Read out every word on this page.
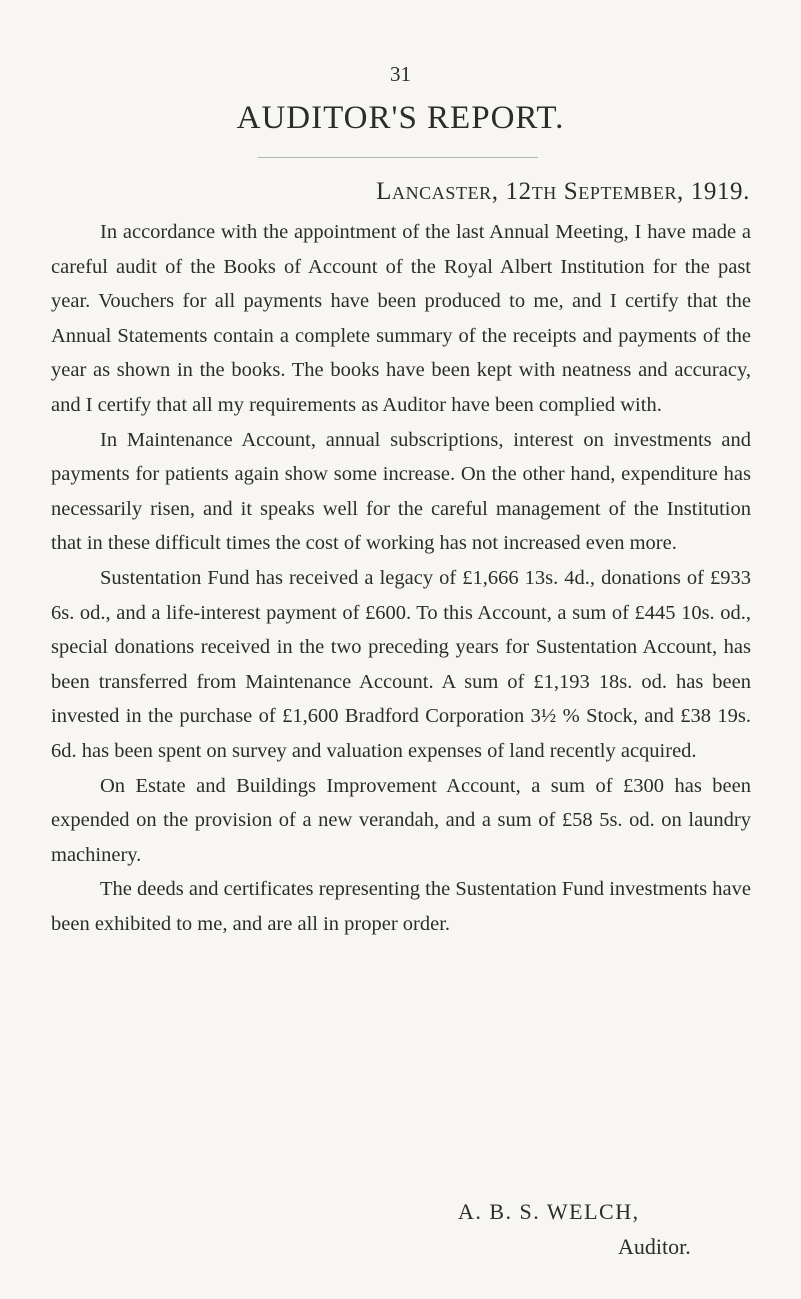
31
AUDITOR'S REPORT.
Lancaster, 12th September, 1919.

In accordance with the appointment of the last Annual Meeting, I have made a careful audit of the Books of Account of the Royal Albert Institution for the past year. Vouchers for all payments have been produced to me, and I certify that the Annual Statements contain a complete summary of the receipts and payments of the year as shown in the books. The books have been kept with neatness and accuracy, and I certify that all my requirements as Auditor have been complied with.

In Maintenance Account, annual subscriptions, interest on investments and payments for patients again show some increase. On the other hand, expenditure has necessarily risen, and it speaks well for the careful management of the Institution that in these difficult times the cost of working has not increased even more.

Sustentation Fund has received a legacy of £1,666 13s. 4d., donations of £933 6s. od., and a life-interest payment of £600. To this Account, a sum of £445 10s. od., special donations received in the two preceding years for Sustentation Account, has been transferred from Maintenance Account. A sum of £1,193 18s. od. has been invested in the purchase of £1,600 Bradford Corporation 3½ % Stock, and £38 19s. 6d. has been spent on survey and valuation expenses of land recently acquired.

On Estate and Buildings Improvement Account, a sum of £300 has been expended on the provision of a new verandah, and a sum of £58 5s. od. on laundry machinery.

The deeds and certificates representing the Sustentation Fund investments have been exhibited to me, and are all in proper order.

A. B. S. WELCH,
Auditor.
